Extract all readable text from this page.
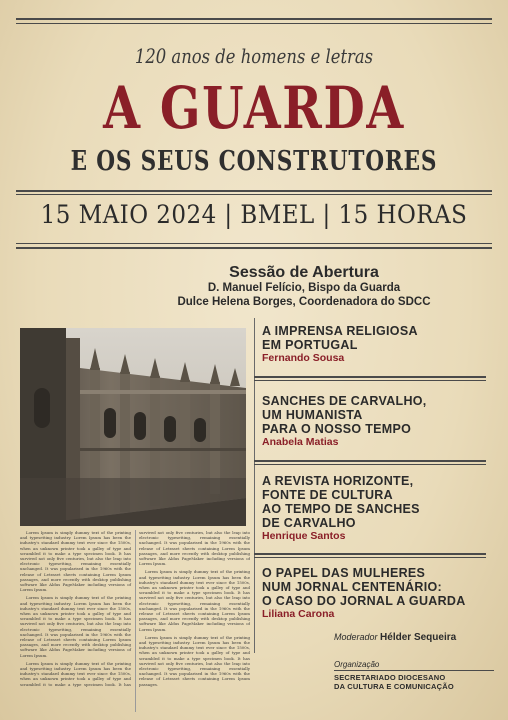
120 anos de homens e letras
A GUARDA
E OS SEUS CONSTRUTORES
15 MAIO 2024 | BMEL | 15 HORAS
Sessão de Abertura
D. Manuel Felício, Bispo da Guarda
Dulce Helena Borges, Coordenadora do SDCC
A IMPRENSA RELIGIOSA
EM PORTUGAL
Fernando Sousa
SANCHES DE CARVALHO,
UM HUMANISTA
PARA O NOSSO TEMPO
Anabela Matias
A REVISTA HORIZONTE,
FONTE DE CULTURA
AO TEMPO DE SANCHES
DE CARVALHO
Henrique Santos
O PAPEL DAS MULHERES
NUM JORNAL CENTENÁRIO:
O CASO DO JORNAL A GUARDA
Liliana Carona

Lorem Ipsum is simply dummy text of the printing and typesetting industry. Lorem Ipsum has been the industry's standard dummy text ever since the 1500s, when an unknown printer took a galley of type and scrambled it to make a type specimen book. It has survived not only five centuries, but also the leap into electronic typesetting, remaining essentially unchanged. It was popularised in the 1960s with the release of Letraset sheets containing Lorem Ipsum passages, and more recently with desktop publishing software like Aldus PageMaker including versions of Lorem Ipsum.

Lorem Ipsum is simply dummy text of the printing and typesetting industry. Lorem Ipsum has been the industry's standard dummy text ever since the 1500s, when an unknown printer took a galley of type and scrambled it to make a type specimen book. It has survived not only five centuries, but also the leap into electronic typesetting, remaining essentially unchanged. It was popularised in the 1960s with the release of Letraset sheets containing Lorem Ipsum passages, and more recently with desktop publishing software like Aldus PageMaker including versions of Lorem Ipsum.

Lorem Ipsum is simply dummy text of the printing and typesetting industry. Lorem Ipsum has been the industry's standard dummy text ever since the 1500s, when an unknown printer took a galley of type and scrambled it to make a type specimen book. It has survived not only five centuries, but also the leap into electronic typesetting, remaining essentially unchanged. It was popularised in the 1960s with the release of Letraset sheets containing Lorem Ipsum passages, and more recently with desktop publishing software like Aldus PageMaker including versions of Lorem Ipsum.

Lorem Ipsum is simply dummy text of the printing and typesetting industry. Lorem Ipsum has been the industry's standard dummy text ever since the 1500s, when an unknown printer took a galley of type and scrambled it to make a type specimen book. It has survived not only five centuries, but also the leap into electronic typesetting, remaining essentially unchanged. It was popularised in the 1960s with the release of Letraset sheets containing Lorem Ipsum passages, and more recently with desktop publishing software like Aldus PageMaker including versions of Lorem Ipsum.

Lorem Ipsum is simply dummy text of the printing and typesetting industry. Lorem Ipsum has been the industry's standard dummy text ever since the 1500s, when an unknown printer took a galley of type and scrambled it to make a type specimen book. It has survived not only five centuries, but also the leap into electronic typesetting, remaining essentially unchanged. It was popularised in the 1960s with the release of Letraset sheets containing Lorem Ipsum passages.

Moderador Hélder Sequeira
Organização
SECRETARIADO DIOCESANO
DA CULTURA E COMUNICAÇÃO
